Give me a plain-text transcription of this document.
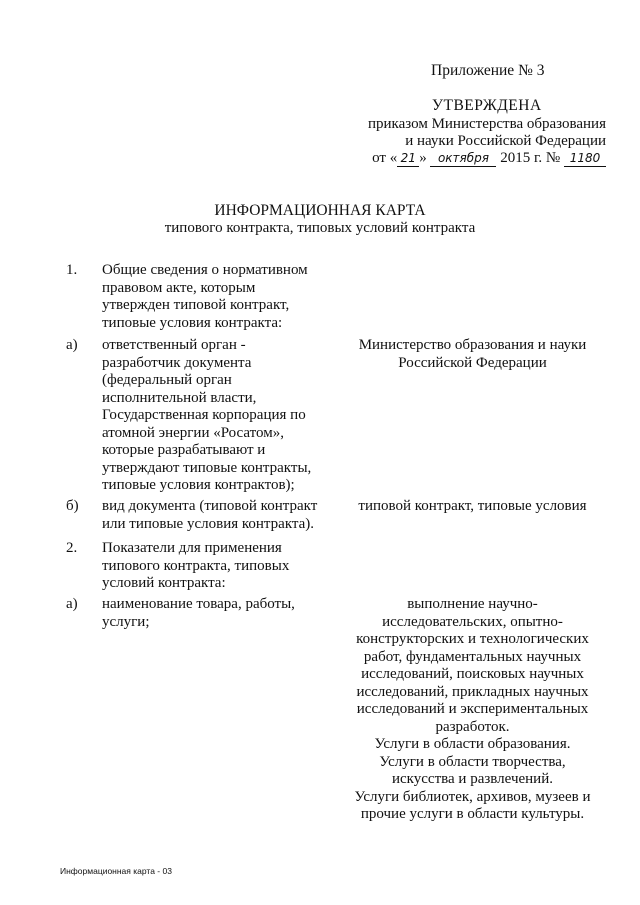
Приложение № 3
УТВЕРЖДЕНА
приказом Министерства образования
и науки Российской Федерации
от « 21 » октября 2015 г. № 1180
ИНФОРМАЦИОННАЯ КАРТА
типового контракта, типовых условий контракта
1. Общие сведения о нормативном
правовом акте, которым
утвержден типовой контракт,
типовые условия контракта:
а) ответственный орган -
разработчик документа
(федеральный орган
исполнительной власти,
Государственная корпорация по
атомной энергии «Росатом»,
которые разрабатывают и
утверждают типовые контракты,
типовые условия контрактов);
Министерство образования и науки
Российской Федерации
б) вид документа (типовой контракт
или типовые условия контракта).
типовой контракт, типовые условия
2. Показатели для применения
типового контракта, типовых
условий контракта:
а) наименование товара, работы,
услуги;
выполнение научно-
исследовательских, опытно-
конструкторских и технологических
работ, фундаментальных научных
исследований, поисковых научных
исследований, прикладных научных
исследований и экспериментальных
разработок.
Услуги в области образования.
Услуги в области творчества,
искусства и развлечений.
Услуги библиотек, архивов, музеев и
прочие услуги в области культуры.
Информационная карта - 03
